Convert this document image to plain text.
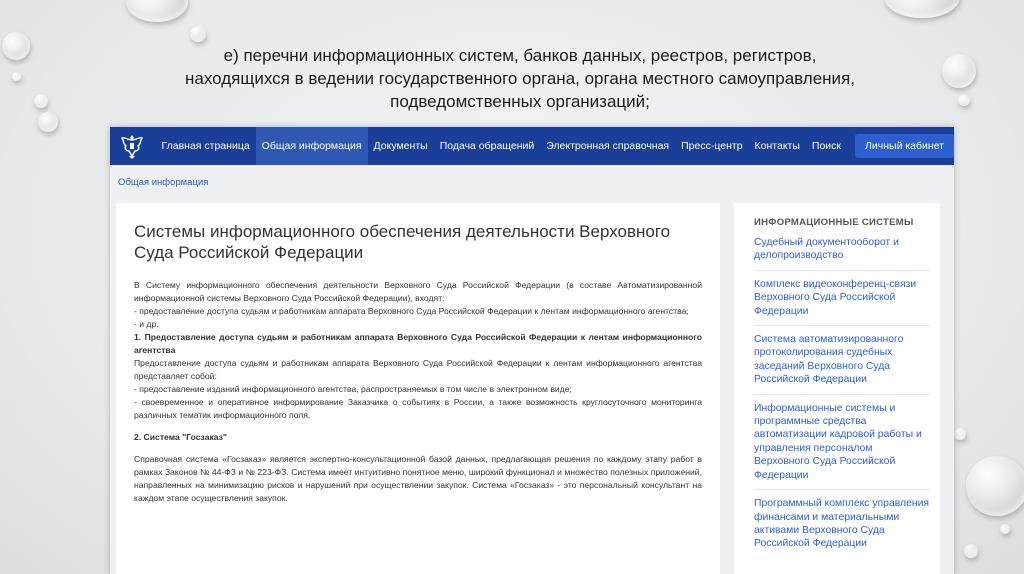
е) перечни информационных систем, банков данных, реестров, регистров, находящихся в ведении государственного органа, органа местного самоуправления, подведомственных организаций;
Главная страница	Общая информация	Документы	Подача обращений	Электронная справочная	Пресс-центр	Контакты	Поиск	Личный кабинет
Общая информация
Системы информационного обеспечения деятельности Верховного Суда Российской Федерации

В Систему информационного обеспечения деятельности Верховного Суда Российской Федерации (в составе Автоматизированной информационной системы Верховного Суда Российской Федерации), входят:

- предоставление доступа судьям и работникам аппарата Верховного Суда Российской Федерации к лентам информационного агентства;

- и др.

1. Предоставление доступа судьям и работникам аппарата Верховного Суда Российской Федерации к лентам информационного агентства

Предоставление доступа судьям и работникам аппарата Верховного Суда Российской Федерации к лентам информационного агентства представляет собой:

- предоставление изданий информационного агентства, распространяемых в том числе в электронном виде;

- своевременное и оперативное информирование Заказчика о событиях в России, а также возможность круглосуточного мониторинга различных тематик информационного поля.

2. Система "Госзаказ"

Справочная система «Госзаказ» является экспертно-консультационной базой данных, предлагающая решения по каждому этапу работ в рамках Законов № 44-ФЗ и № 223-ФЗ. Система имеет интуитивно понятное меню, широкий функционал и множество полезных приложений, направленных на минимизацию рисков и нарушений при осуществлении закупок. Система «Госзаказ» - это персональный консультант на каждом этапе осуществления закупок.

ИНФОРМАЦИОННЫЕ СИСТЕМЫ
Судебный документооборот и делопроизводство
Комплекс видеоконференц-связи Верховного Суда Российской Федерации
Система автоматизированного протоколирования судебных заседаний Верховного Суда Российской Федерации
Информационные системы и программные средства автоматизации кадровой работы и управления персоналом Верховного Суда Российской Федерации
Программный комплекс управления финансами и материальными активами Верховного Суда Российской Федерации
